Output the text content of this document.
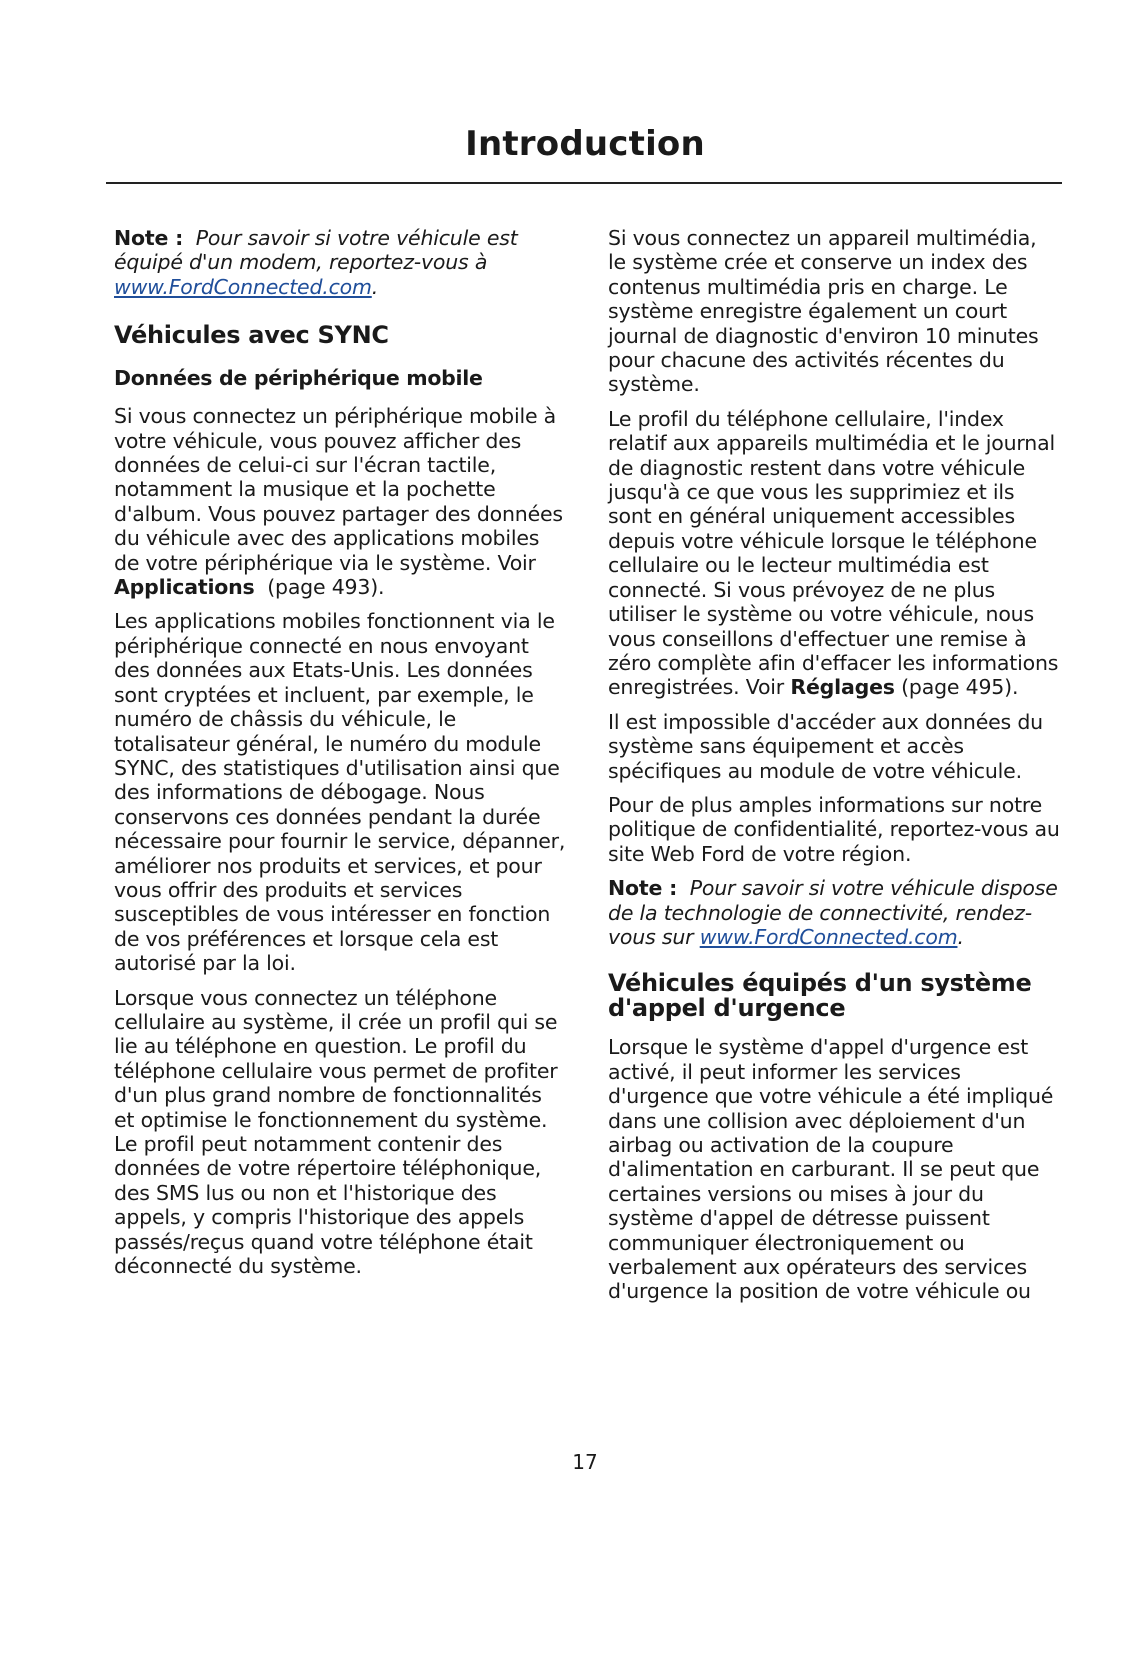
Introduction

Note : Pour savoir si votre véhicule est équipé d'un modem, reportez-vous à www.FordConnected.com.

Véhicules avec SYNC
Données de périphérique mobile

Si vous connectez un périphérique mobile à votre véhicule, vous pouvez afficher des données de celui-ci sur l'écran tactile, notamment la musique et la pochette d'album. Vous pouvez partager des données du véhicule avec des applications mobiles de votre périphérique via le système. Voir Applications (page 493).

Les applications mobiles fonctionnent via le périphérique connecté en nous envoyant des données aux Etats-Unis. Les données sont cryptées et incluent, par exemple, le numéro de châssis du véhicule, le totalisateur général, le numéro du module SYNC, des statistiques d'utilisation ainsi que des informations de débogage. Nous conservons ces données pendant la durée nécessaire pour fournir le service, dépanner, améliorer nos produits et services, et pour vous offrir des produits et services susceptibles de vous intéresser en fonction de vos préférences et lorsque cela est autorisé par la loi.

Lorsque vous connectez un téléphone cellulaire au système, il crée un profil qui se lie au téléphone en question. Le profil du téléphone cellulaire vous permet de profiter d'un plus grand nombre de fonctionnalités et optimise le fonctionnement du système. Le profil peut notamment contenir des données de votre répertoire téléphonique, des SMS lus ou non et l'historique des appels, y compris l'historique des appels passés/reçus quand votre téléphone était déconnecté du système.

Si vous connectez un appareil multimédia, le système crée et conserve un index des contenus multimédia pris en charge. Le système enregistre également un court journal de diagnostic d'environ 10 minutes pour chacune des activités récentes du système.

Le profil du téléphone cellulaire, l'index relatif aux appareils multimédia et le journal de diagnostic restent dans votre véhicule jusqu'à ce que vous les supprimiez et ils sont en général uniquement accessibles depuis votre véhicule lorsque le téléphone cellulaire ou le lecteur multimédia est connecté. Si vous prévoyez de ne plus utiliser le système ou votre véhicule, nous vous conseillons d'effectuer une remise à zéro complète afin d'effacer les informations enregistrées. Voir Réglages (page 495).

Il est impossible d'accéder aux données du système sans équipement et accès spécifiques au module de votre véhicule.

Pour de plus amples informations sur notre politique de confidentialité, reportez-vous au site Web Ford de votre région.

Note : Pour savoir si votre véhicule dispose de la technologie de connectivité, rendez-vous sur www.FordConnected.com.

Véhicules équipés d'un système d'appel d'urgence

Lorsque le système d'appel d'urgence est activé, il peut informer les services d'urgence que votre véhicule a été impliqué dans une collision avec déploiement d'un airbag ou activation de la coupure d'alimentation en carburant. Il se peut que certaines versions ou mises à jour du système d'appel de détresse puissent communiquer électroniquement ou verbalement aux opérateurs des services d'urgence la position de votre véhicule ou

17
